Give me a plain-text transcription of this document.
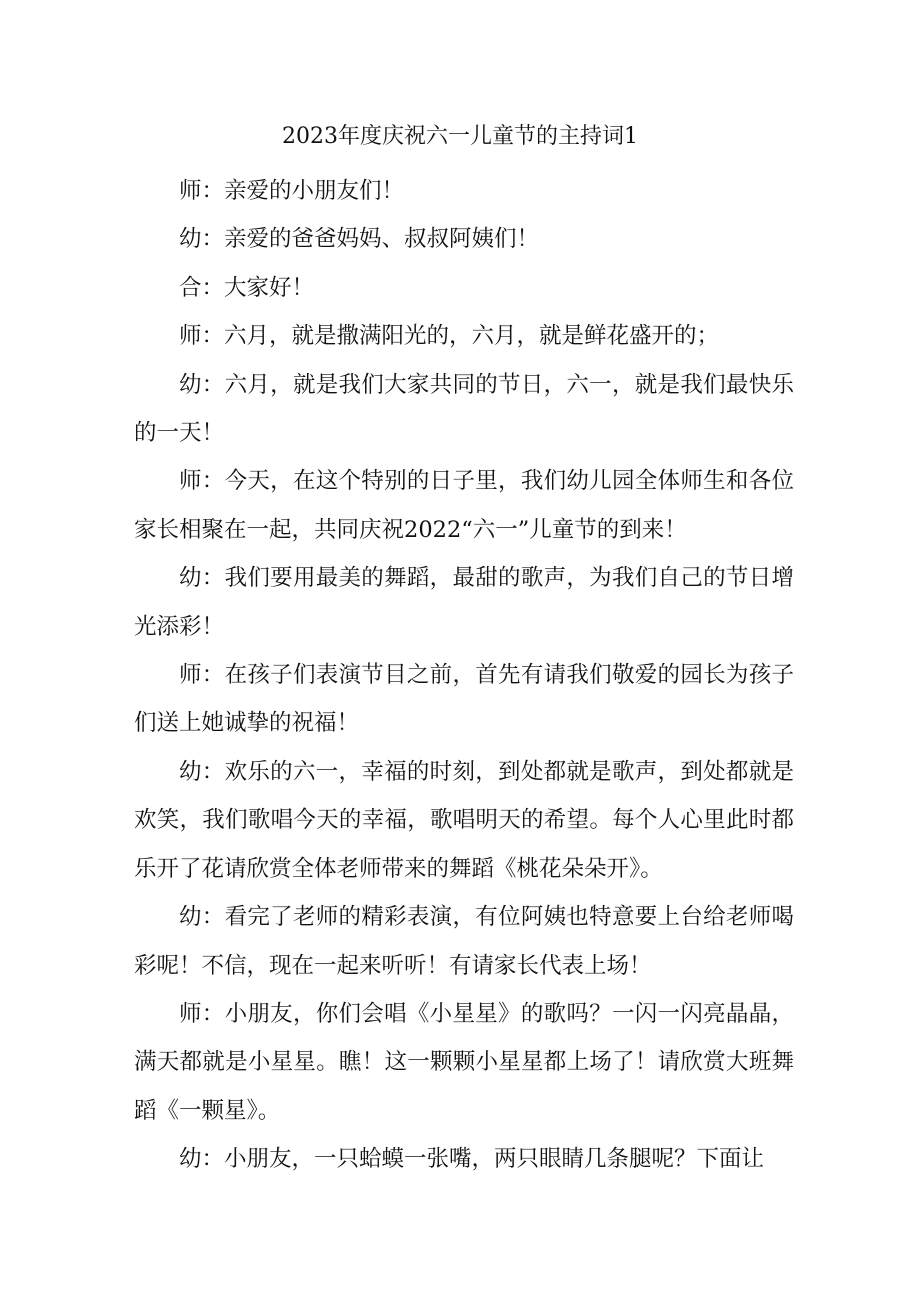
2023年度庆祝六一儿童节的主持词1

师：亲爱的小朋友们！

幼：亲爱的爸爸妈妈、叔叔阿姨们！

合：大家好！

师：六月，就是撒满阳光的，六月，就是鲜花盛开的；

幼：六月，就是我们大家共同的节日，六一，就是我们最快乐的一天！

师：今天，在这个特别的日子里，我们幼儿园全体师生和各位家长相聚在一起，共同庆祝2022“六一”儿童节的到来！

幼：我们要用最美的舞蹈，最甜的歌声，为我们自己的节日增光添彩！

师：在孩子们表演节目之前，首先有请我们敬爱的园长为孩子们送上她诚挚的祝福！

幼：欢乐的六一，幸福的时刻，到处都就是歌声，到处都就是欢笑，我们歌唱今天的幸福，歌唱明天的希望。每个人心里此时都乐开了花请欣赏全体老师带来的舞蹈《桃花朵朵开》。

幼：看完了老师的精彩表演，有位阿姨也特意要上台给老师喝彩呢！不信，现在一起来听听！有请家长代表上场！

师：小朋友，你们会唱《小星星》的歌吗？一闪一闪亮晶晶，满天都就是小星星。瞧！这一颗颗小星星都上场了！请欣赏大班舞蹈《一颗星》。

幼：小朋友，一只蛤蟆一张嘴，两只眼睛几条腿呢？下面让
